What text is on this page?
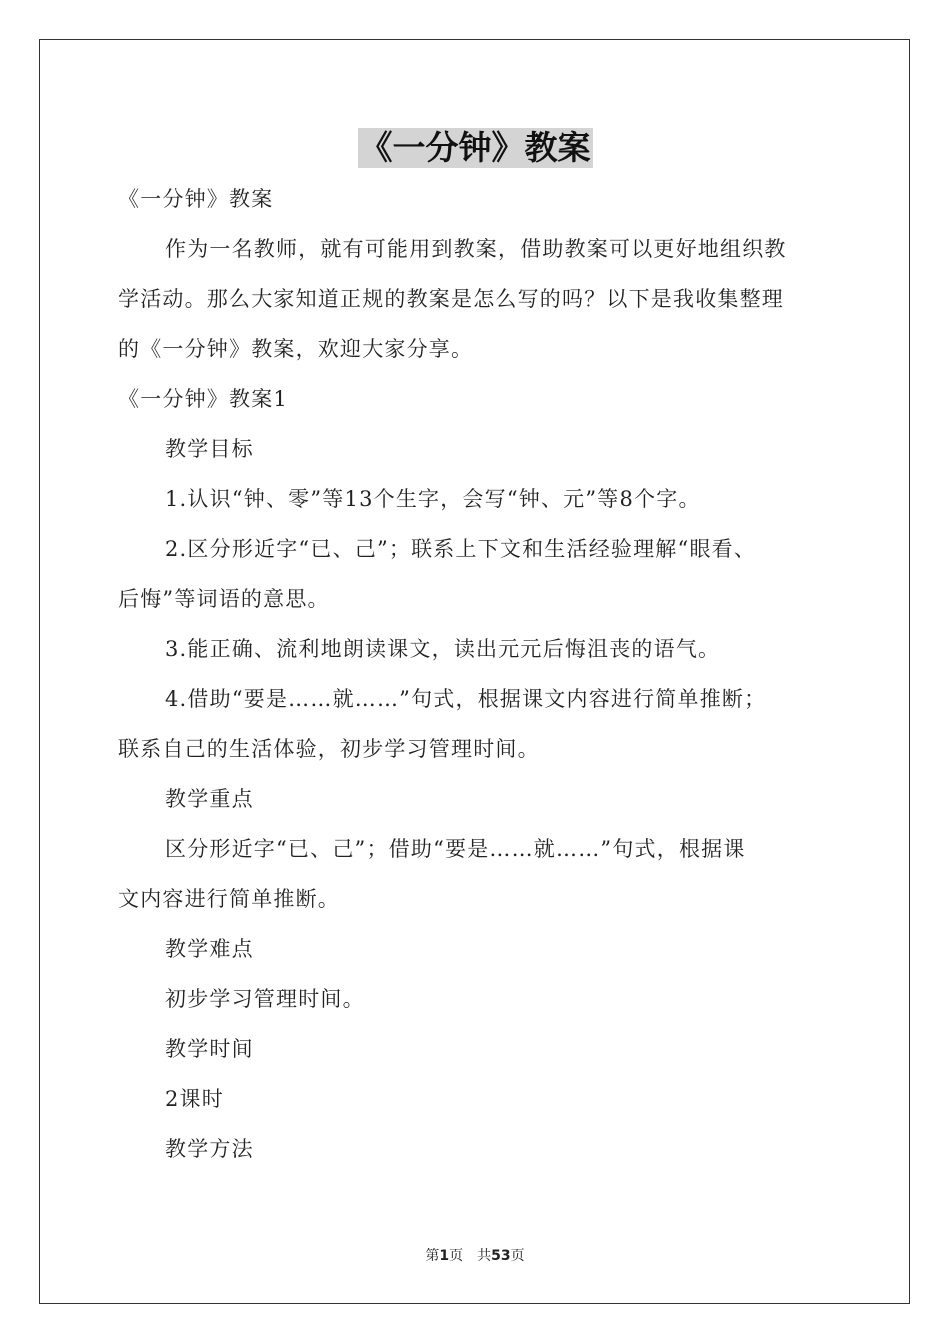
《一分钟》教案
《一分钟》教案
作为一名教师，就有可能用到教案，借助教案可以更好地组织教
学活动。那么大家知道正规的教案是怎么写的吗？以下是我收集整理
的《一分钟》教案，欢迎大家分享。
《一分钟》教案1
教学目标
1.认识“钟、零”等13个生字，会写“钟、元”等8个字。
2.区分形近字“已、己”；联系上下文和生活经验理解“眼看、
后悔”等词语的意思。
3.能正确、流利地朗读课文，读出元元后悔沮丧的语气。
4.借助“要是……就……”句式，根据课文内容进行简单推断；
联系自己的生活体验，初步学习管理时间。
教学重点
区分形近字“已、己”；借助“要是……就……”句式，根据课
文内容进行简单推断。
教学难点
初步学习管理时间。
教学时间
2课时
教学方法
第1页 共53页
